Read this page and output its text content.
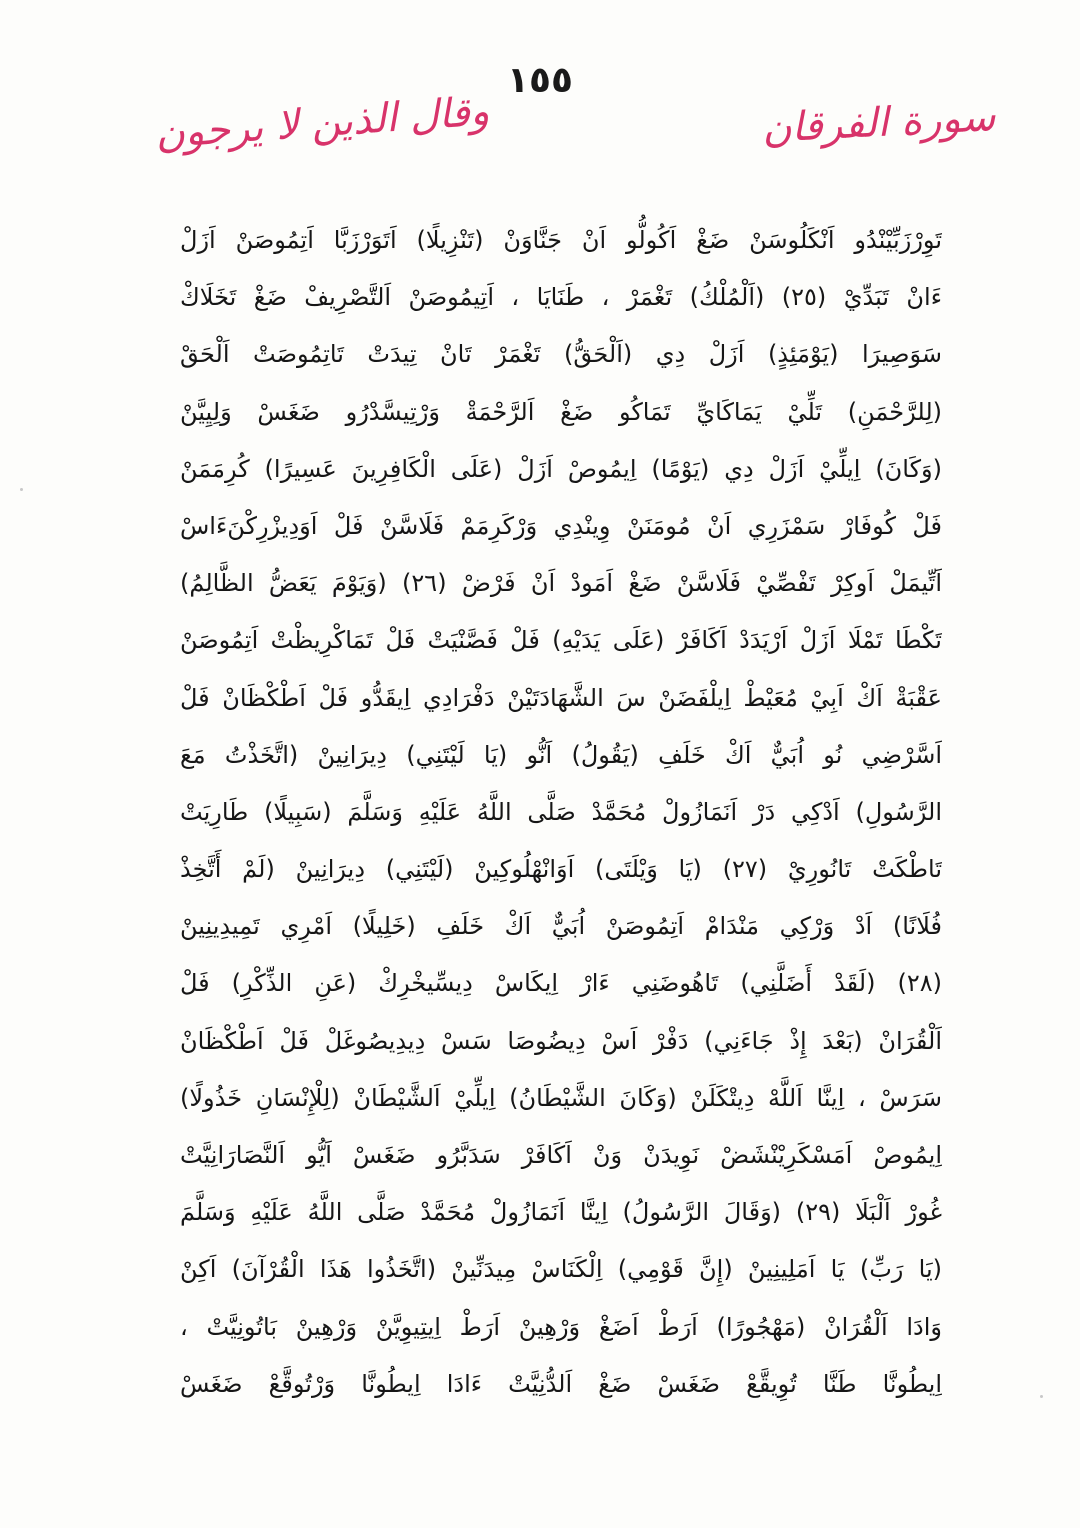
١٥٥
وقال الذين لا يرجون	سورة الفرقان
تَوِرْزَبِّيْنْدُو اَنْكَلُوسَنْ ضَغْ اَكُولُّو اَنْ جَنَّاوَنْ (تَنْزِيلًا) اَتَوَرْزَبَّا اَتِمُوصَنْ اَزَلْ
ءَانْ تَبَدِّيْ (٢٥) (اَلْمُلْكُ) تَغْمَرْ ، طَنَايَا ، اَتِيمُوصَنْ اَلتَّصْرِيفْ ضَغْ تَخَلَاكْ
سَوَصِيرَا (يَوْمَئِذٍ) اَزَلْ دِي (اَلْحَقُّ) تَغْمَرْ تَانْ تِيدَتْ تَاتِمُوصَتْ اَلْحَقْ
(لِلرَّحْمَنِ) تَلِّيْ يَمَاكَايِّ تَمَاكُو ضَغْ اَلرَّحْمَةْ وَرْتِيسَّدْرُو ضَغَسْ وَلِيِيَّنْ
(وَكَانَ) اِيلِّيْ اَزَلْ دِي (يَوْمًا) اِيمُوصْ اَزَلْ (عَلَى الْكَافِرِينَ عَسِيرًا) كُرِمَمَنْ
فَلْ كُوفَارْ سَمْزَرِي اَنْ مُومَنَنْ وِينْدِي وَرْكَرِمَمْ فَلَاسَّنْ فَلْ اَوَدِيزْرِكْنَءَاسْ
اَتِّيمَلْ اَوكِرْ تَفْصِّيْ فَلَاسَّنْ ضَغْ اَمَودْ اَنْ فَرْضْ (٢٦) (وَيَوْمَ يَعَضُّ الظَّالِمُ)
تَكْطَا تَمْلَا اَزَلْ اَرْيَدَدْ اَكَافَرْ (عَلَى يَدَيْهِ) فَلْ فَصَّنْيَتْ فَلْ تَمَاكْرِيظْتْ اَتِمُوصَنْ
عَقْبَةْ اَكْ اَبِيْ مُعَيْطْ اِيلْفَضَنْ سَ الشَّهَادَتَيْنْ دَفْرَادِي اِيقَدُّو فَلْ اَطْكْظَانْ فَلْ
اَسَّرْضِي نُو اُبَيٌّ اَكْ خَلَفِ (يَقُولُ) اَنُّو (يَا لَيْتَنِي) دِيرَانِينْ (اتَّخَذْتُ مَعَ
الرَّسُولِ) اَدْكِي دَرْ اَنَمَازُولْ مُحَمَّدْ صَلَّى اللَّهُ عَلَيْهِ وَسَلَّمَ (سَبِيلًا) طَارِيَتْ
تَاطْكَتْ تَانُورِيْ (٢٧) (يَا وَيْلَتَى) اَوَانْهْلُوكِينْ (لَيْتَنِي) دِيرَانِينْ (لَمْ أَتَّخِذْ
فُلَانًا) اَدْ وَرْكِي مَنْدَامْ اَتِمُوصَنْ اُبَيٌّ اَكْ خَلَفِ (خَلِيلًا) اَمْرِي تَمِيدِينِينْ
(٢٨) (لَقَدْ أَضَلَّنِي) تَاهُوضَنِي ءَارْ اِيكَاسْ دِيسِّيخْرِكْ (عَنِ الذِّكْرِ) فَلْ
اَلْقُرَانْ (بَعْدَ إِذْ جَاءَنِي) دَفْرْ اَسْ دِيضُوصَا سَسْ دِيدِيصُوغَلْ فَلْ اَطْكْظَانْ
سَرَسْ ، اِينَّا اَللَّهْ دِيتْكَلَنْ (وَكَانَ الشَّيْطَانُ) اِيلِّيْ اَلشَّيْطَانْ (لِلْإِنْسَانِ خَذُولًا)
اِيمُوصْ اَمَسْكَرِيْنْشَضْ نَوِيدَنْ وَنْ اَكَافَرْ سَدَبَّرُو ضَغَسْ اَيُّو اَلنَّصَارَانِيَّتْ
غُورْ اَلْبَلَا (٢٩) (وَقَالَ الرَّسُولُ) اِينَّا اَنَمَازُولْ مُحَمَّدْ صَلَّى اللَّهُ عَلَيْهِ وَسَلَّمَ
(يَا رَبِّ) يَا اَمَلِينِينْ (إِنَّ قَوْمِي) اِلْكَنَاسْ مِيدَنِّينْ (اتَّخَذُوا هَذَا الْقُرْآنَ) اَكِنْ
وَادَا اَلْقُرَانْ (مَهْجُورًا) اَرَطْ اَضَغْ وَرْهِينْ اَرَطْ اِيتِيوِيَّنْ وَرْهِينْ بَاتُونِيَّتْ ،
اِيطُونَّا طَنَّا تُوِيقَّعْ ضَغَسْ ضَغْ اَلدُّنِيَّتْ ءَادَا اِيطُونَّا وَرْتُوقَّعْ ضَغَسْ
